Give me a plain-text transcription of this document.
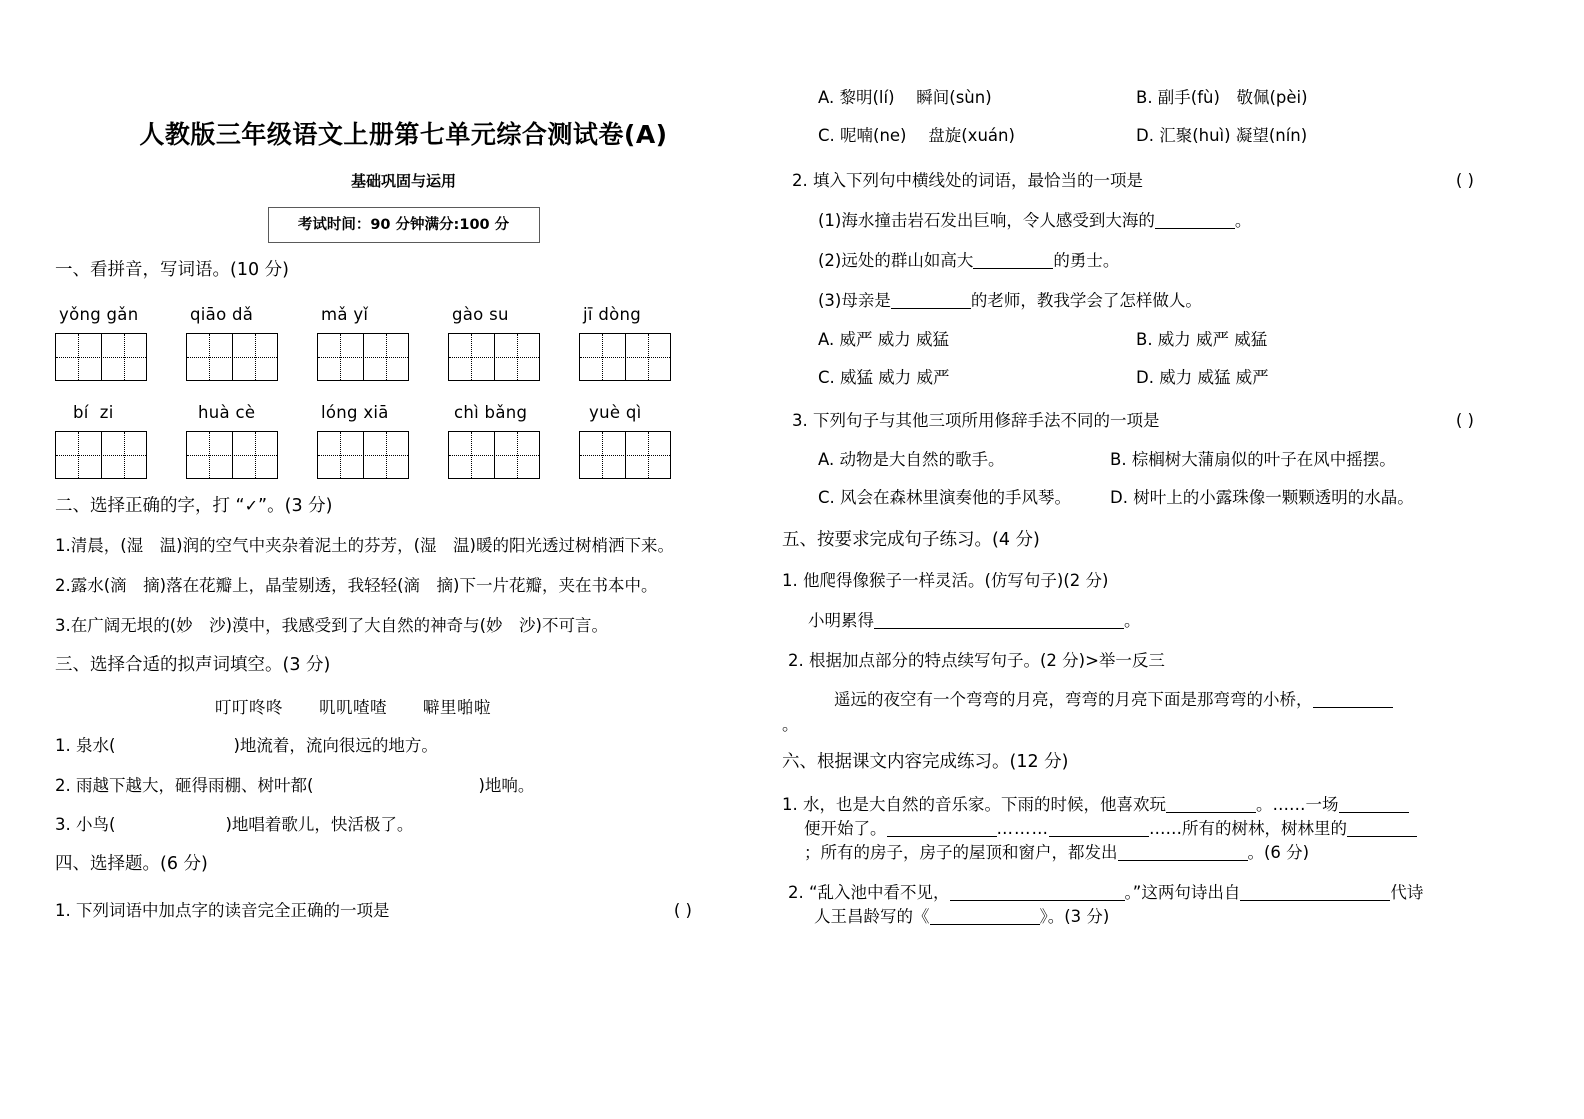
人教版三年级语文上册第七单元综合测试卷(A)
基础巩固与运用
考试时间：90 分钟满分:100 分
一、看拼音，写词语。(10 分)
yǒng gǎn	qiāo dǎ	mǎ yǐ	gào su	jī dòng
bí  zi	huà cè	lóng xiā	chì bǎng	yuè qì
二、选择正确的字，打 “✓”。(3 分)
1.清晨，(湿　温)润的空气中夹杂着泥土的芬芳，(湿　温)暖的阳光透过树梢洒下来。
2.露水(滴　摘)落在花瓣上，晶莹剔透，我轻轻(滴　摘)下一片花瓣，夹在书本中。
3.在广阔无垠的(妙　沙)漠中，我感受到了大自然的神奇与(妙　沙)不可言。
三、选择合适的拟声词填空。(3 分)
叮叮咚咚 叽叽喳喳 噼里啪啦
1. 泉水(	)地流着，流向很远的地方。
2. 雨越下越大，砸得雨棚、树叶都(	)地响。
3. 小鸟(	)地唱着歌儿，快活极了。
四、选择题。(6 分)
1. 下列词语中加点字的读音完全正确的一项是	( )
A. 黎明(lí)　 瞬间(sùn)	B. 副手(fù)　敬佩(pèi)
C. 呢喃(ne)　 盘旋(xuán)	D. 汇聚(huì) 凝望(nín)
2. 填入下列句中横线处的词语，最恰当的一项是	( )
(1)海水撞击岩石发出巨响，令人感受到大海的	。
(2)远处的群山如高大	的勇士。
(3)母亲是	的老师，教我学会了怎样做人。
A. 威严 威力 威猛	B. 威力 威严 威猛
C. 威猛 威力 威严	D. 威力 威猛 威严
3. 下列句子与其他三项所用修辞手法不同的一项是	( )
A. 动物是大自然的歌手。	B. 棕榈树大蒲扇似的叶子在风中摇摆。
C. 风会在森林里演奏他的手风琴。	D. 树叶上的小露珠像一颗颗透明的水晶。
五、按要求完成句子练习。(4 分)
1. 他爬得像猴子一样灵活。(仿写句子)(2 分)
小明累得	。
2. 根据加点部分的特点续写句子。(2 分)>举一反三
遥远的夜空有一个弯弯的月亮，弯弯的月亮下面是那弯弯的小桥，
。
六、根据课文内容完成练习。(12 分)
1. 水，也是大自然的音乐家。下雨的时候，他喜欢玩	。……一场
便开始了。	………	……所有的树林，树林里的
；所有的房子，房子的屋顶和窗户，都发出	。(6 分)
2. “乱入池中看不见，	。”这两句诗出自	代诗
人王昌龄写的《	》。(3 分)
